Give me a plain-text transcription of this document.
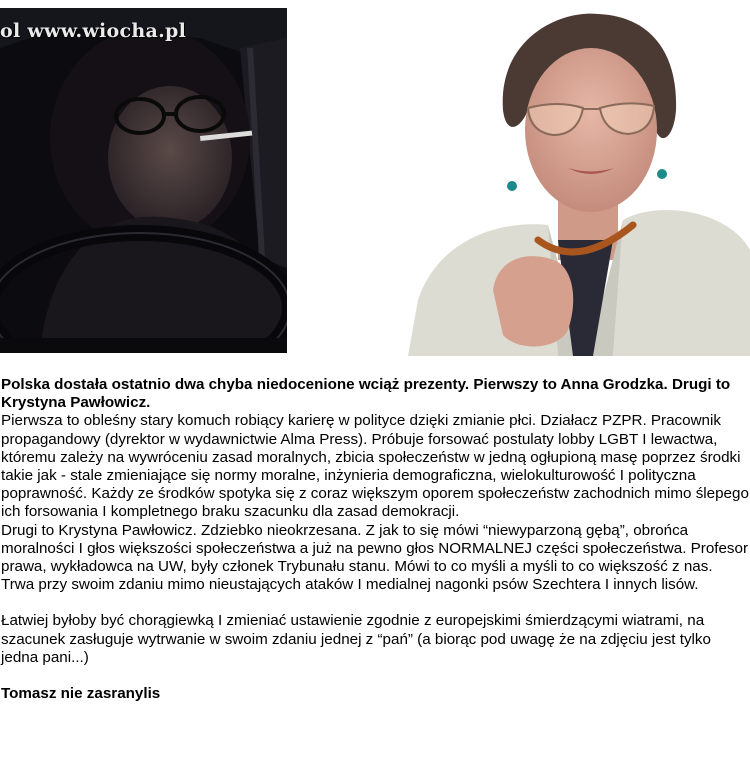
ol www.wiocha.pl

Polska dostała ostatnio dwa chyba niedocenione wciąż prezenty. Pierwszy to Anna Grodzka. Drugi to Krystyna Pawłowicz.

Pierwsza to obleśny stary komuch robiący karierę w polityce dzięki zmianie płci. Działacz PZPR. Pracownik propagandowy (dyrektor w wydawnictwie Alma Press). Próbuje forsować postulaty lobby LGBT I lewactwa, któremu zależy na wywróceniu zasad moralnych, zbicia społeczeństw w jedną ogłupioną masę poprzez środki takie jak - stale zmieniające się normy moralne, inżynieria demograficzna, wielokulturowość I polityczna poprawność. Każdy ze środków spotyka się z coraz większym oporem społeczeństw zachodnich mimo ślepego ich forsowania I kompletnego braku szacunku dla zasad demokracji.

Drugi to Krystyna Pawłowicz. Zdziebko nieokrzesana. Z jak to się mówi “niewyparzoną gębą”, obrońca moralności I głos większości społeczeństwa a już na pewno głos NORMALNEJ części społeczeństwa. Profesor prawa, wykładowca na UW, były członek Trybunału stanu. Mówi to co myśli a myśli to co większość z nas. Trwa przy swoim zdaniu mimo nieustających ataków I medialnej nagonki psów Szechtera I innych lisów.

Łatwiej byłoby być chorągiewką I zmieniać ustawienie zgodnie z europejskimi śmierdzącymi wiatrami, na szacunek zasługuje wytrwanie w swoim zdaniu jednej z “pań” (a biorąc pod uwagę że na zdjęciu jest tylko jedna pani...)

Tomasz nie zasranylis
